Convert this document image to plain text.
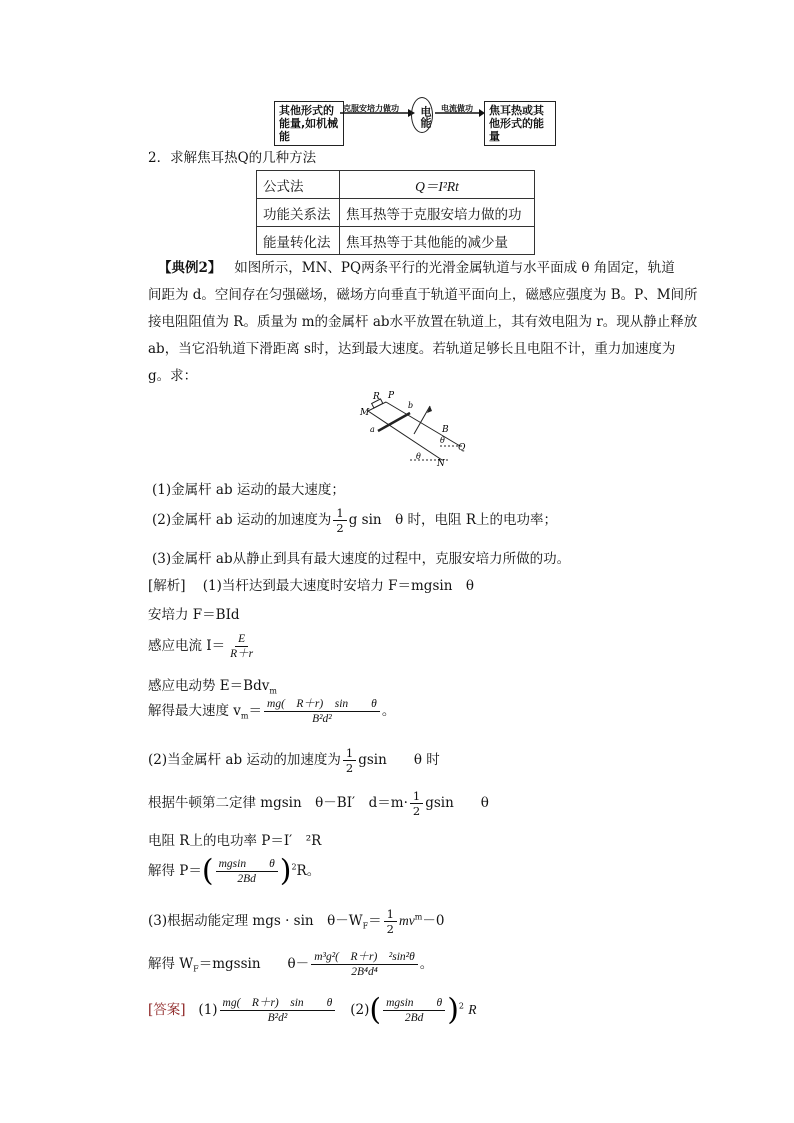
其他形式的能量,如机械能
克服安培力做功	电能 电流做功	焦耳热或其他形式的能量
2．求解焦耳热Q的几种方法
公式法	Q＝I²Rt
功能关系法	焦耳热等于克服安培力做的功
能量转化法	焦耳热等于其他能的减少量
【典例2】 如图所示，MN、PQ两条平行的光滑金属轨道与水平面成 θ 角固定，轨道
间距为 d。空间存在匀强磁场，磁场方向垂直于轨道平面向上，磁感应强度为 B。P、M间所
接电阻阻值为 R。质量为 m的金属杆 ab水平放置在轨道上，其有效电阻为 r。现从静止释放
ab，当它沿轨道下滑距离 s时，达到最大速度。若轨道足够长且电阻不计，重力加速度为
g。求：
M
R P
a
b
B
θ
Q
θ
N
(1)金属杆 ab 运动的最大速度；
(2)金属杆 ab 运动的加速度为 $\frac{1}{2}$ g sin　θ 时，电阻 R上的电功率；
(3)金属杆 ab从静止到具有最大速度的过程中，克服安培力所做的功。
[解析] (1)当杆达到最大速度时安培力 F＝mgsin　θ
安培力 F＝BId
感应电流 $I= \frac{E}{R+r}$
感应电动势 E＝Bdv$_m$
解得最大速度 $v_m= \frac{\text{mg(　R＋r)　sin　　θ}}{\text{B²d²}}$ 。
(2)当金属杆 ab 运动的加速度为 $\frac{1}{2}$ gsin　　θ 时
根据牛顿第二定律 mgsin　θ－BI′　$d=m\cdot \frac{1}{2}$ gsin　　θ
电阻 R上的电功率 P＝I′　²R
解得 $P=( \frac{\text{mgsin　　θ}}{2Bd} )^2R$。
(3)根据动能定理 mgs · sin　$\theta-W_F= \frac{1}{2} mv^m-0$
解得 $W_F=mgssin$　　$\theta- \frac{\text{m³g²(　R＋r)　²sin²θ}}{\text{2B⁴d⁴}}$ 。
[答案] $(1) \frac{\text{mg(　R＋r)　sin　　θ}}{\text{B²d²}} (2)( \frac{\text{mgsin　　θ}}{2Bd} )^2$ R
